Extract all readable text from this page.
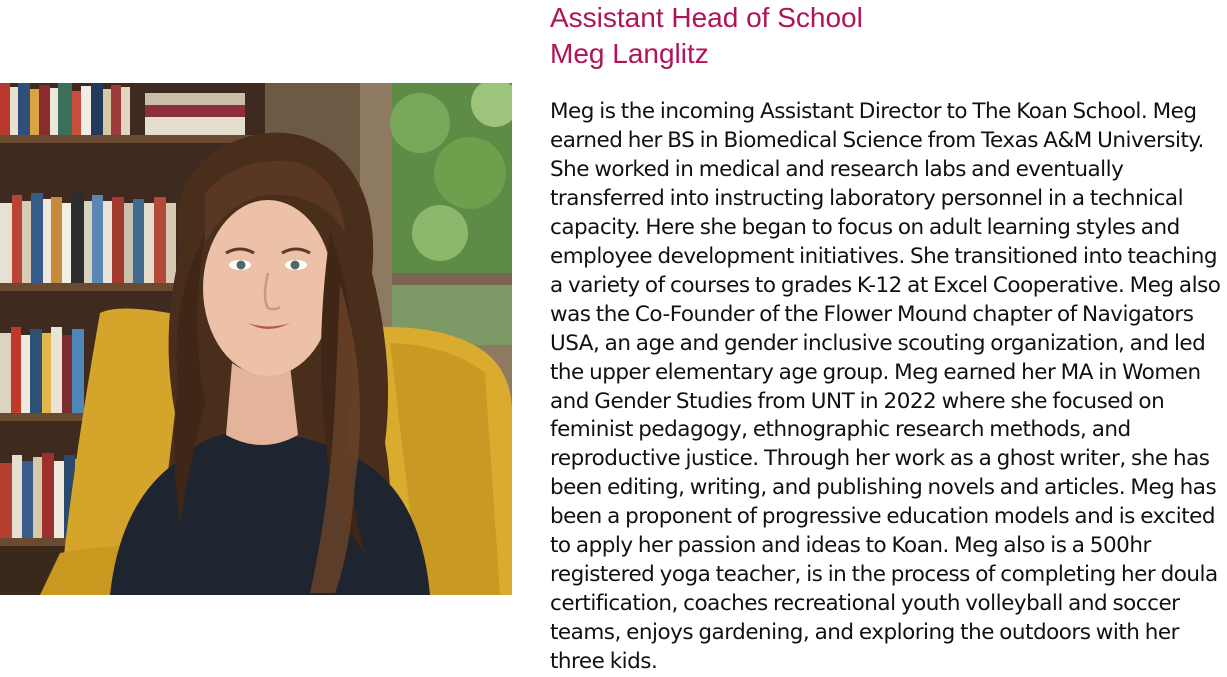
Assistant Head of School
Meg Langlitz
Meg is the incoming Assistant Director to The Koan School. Meg earned her BS in Biomedical Science from Texas A&M University. She worked in medical and research labs and eventually transferred into instructing laboratory personnel in a technical capacity. Here she began to focus on adult learning styles and employee development initiatives. She transitioned into teaching a variety of courses to grades K-12 at Excel Cooperative. Meg also was the Co-Founder of the Flower Mound chapter of Navigators USA, an age and gender inclusive scouting organization, and led the upper elementary age group. Meg earned her MA in Women and Gender Studies from UNT in 2022 where she focused on feminist pedagogy, ethnographic research methods, and reproductive justice. Through her work as a ghost writer, she has been editing, writing, and publishing novels and articles. Meg has been a proponent of progressive education models and is excited to apply her passion and ideas to Koan. Meg also is a 500hr registered yoga teacher, is in the process of completing her doula certification, coaches recreational youth volleyball and soccer teams, enjoys gardening, and exploring the outdoors with her three kids.
